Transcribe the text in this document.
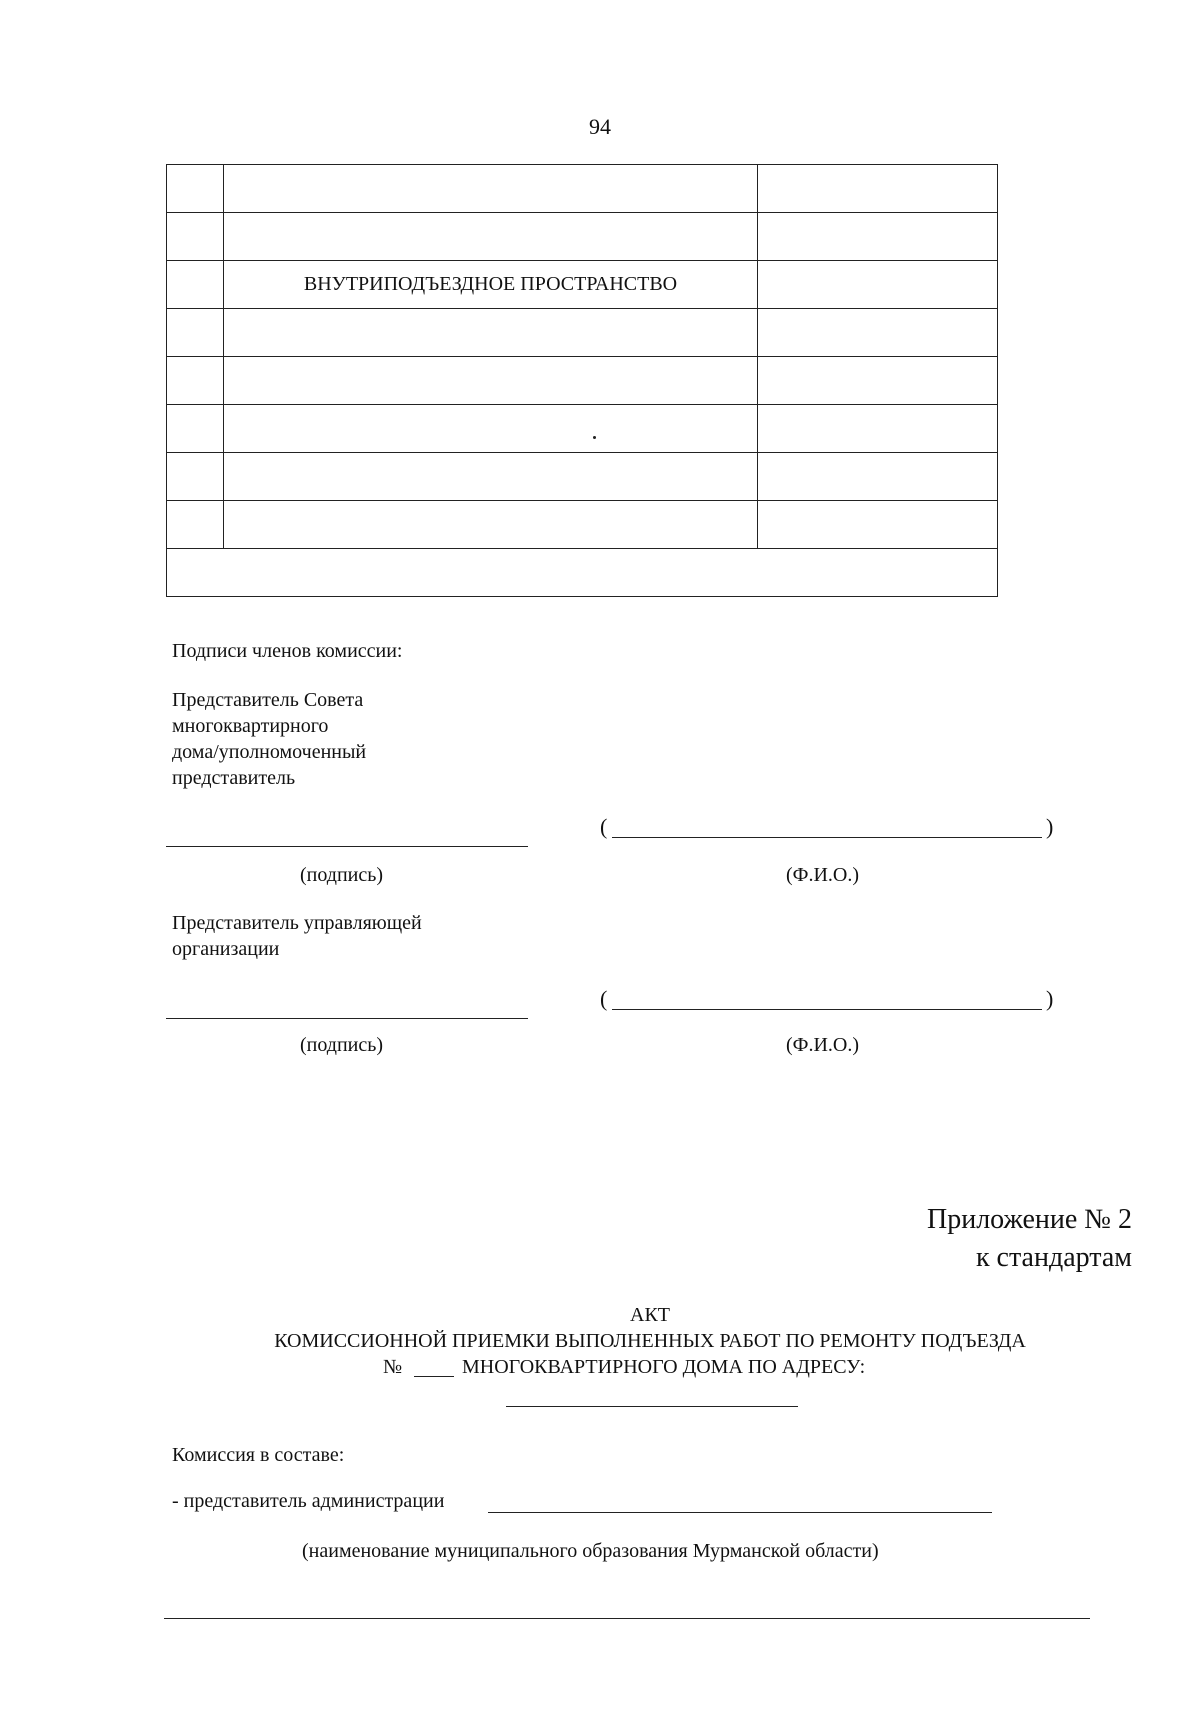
94

	ВНУТРИПОДЪЕЗДНОЕ ПРОСТРАНСТВО	

Подписи членов комиссии:
Представитель Совета
многоквартирного
дома/уполномоченный
представитель
(	)
(подпись)	(Ф.И.О.)
Представитель управляющей
организации
(	)
(подпись)	(Ф.И.О.)
Приложение № 2
к стандартам
АКТ
КОМИССИОННОЙ ПРИЕМКИ ВЫПОЛНЕННЫХ РАБОТ ПО РЕМОНТУ ПОДЪЕЗДА
№	МНОГОКВАРТИРНОГО ДОМА ПО АДРЕСУ:
Комиссия в составе:
- представитель администрации
(наименование муниципального образования Мурманской области)
